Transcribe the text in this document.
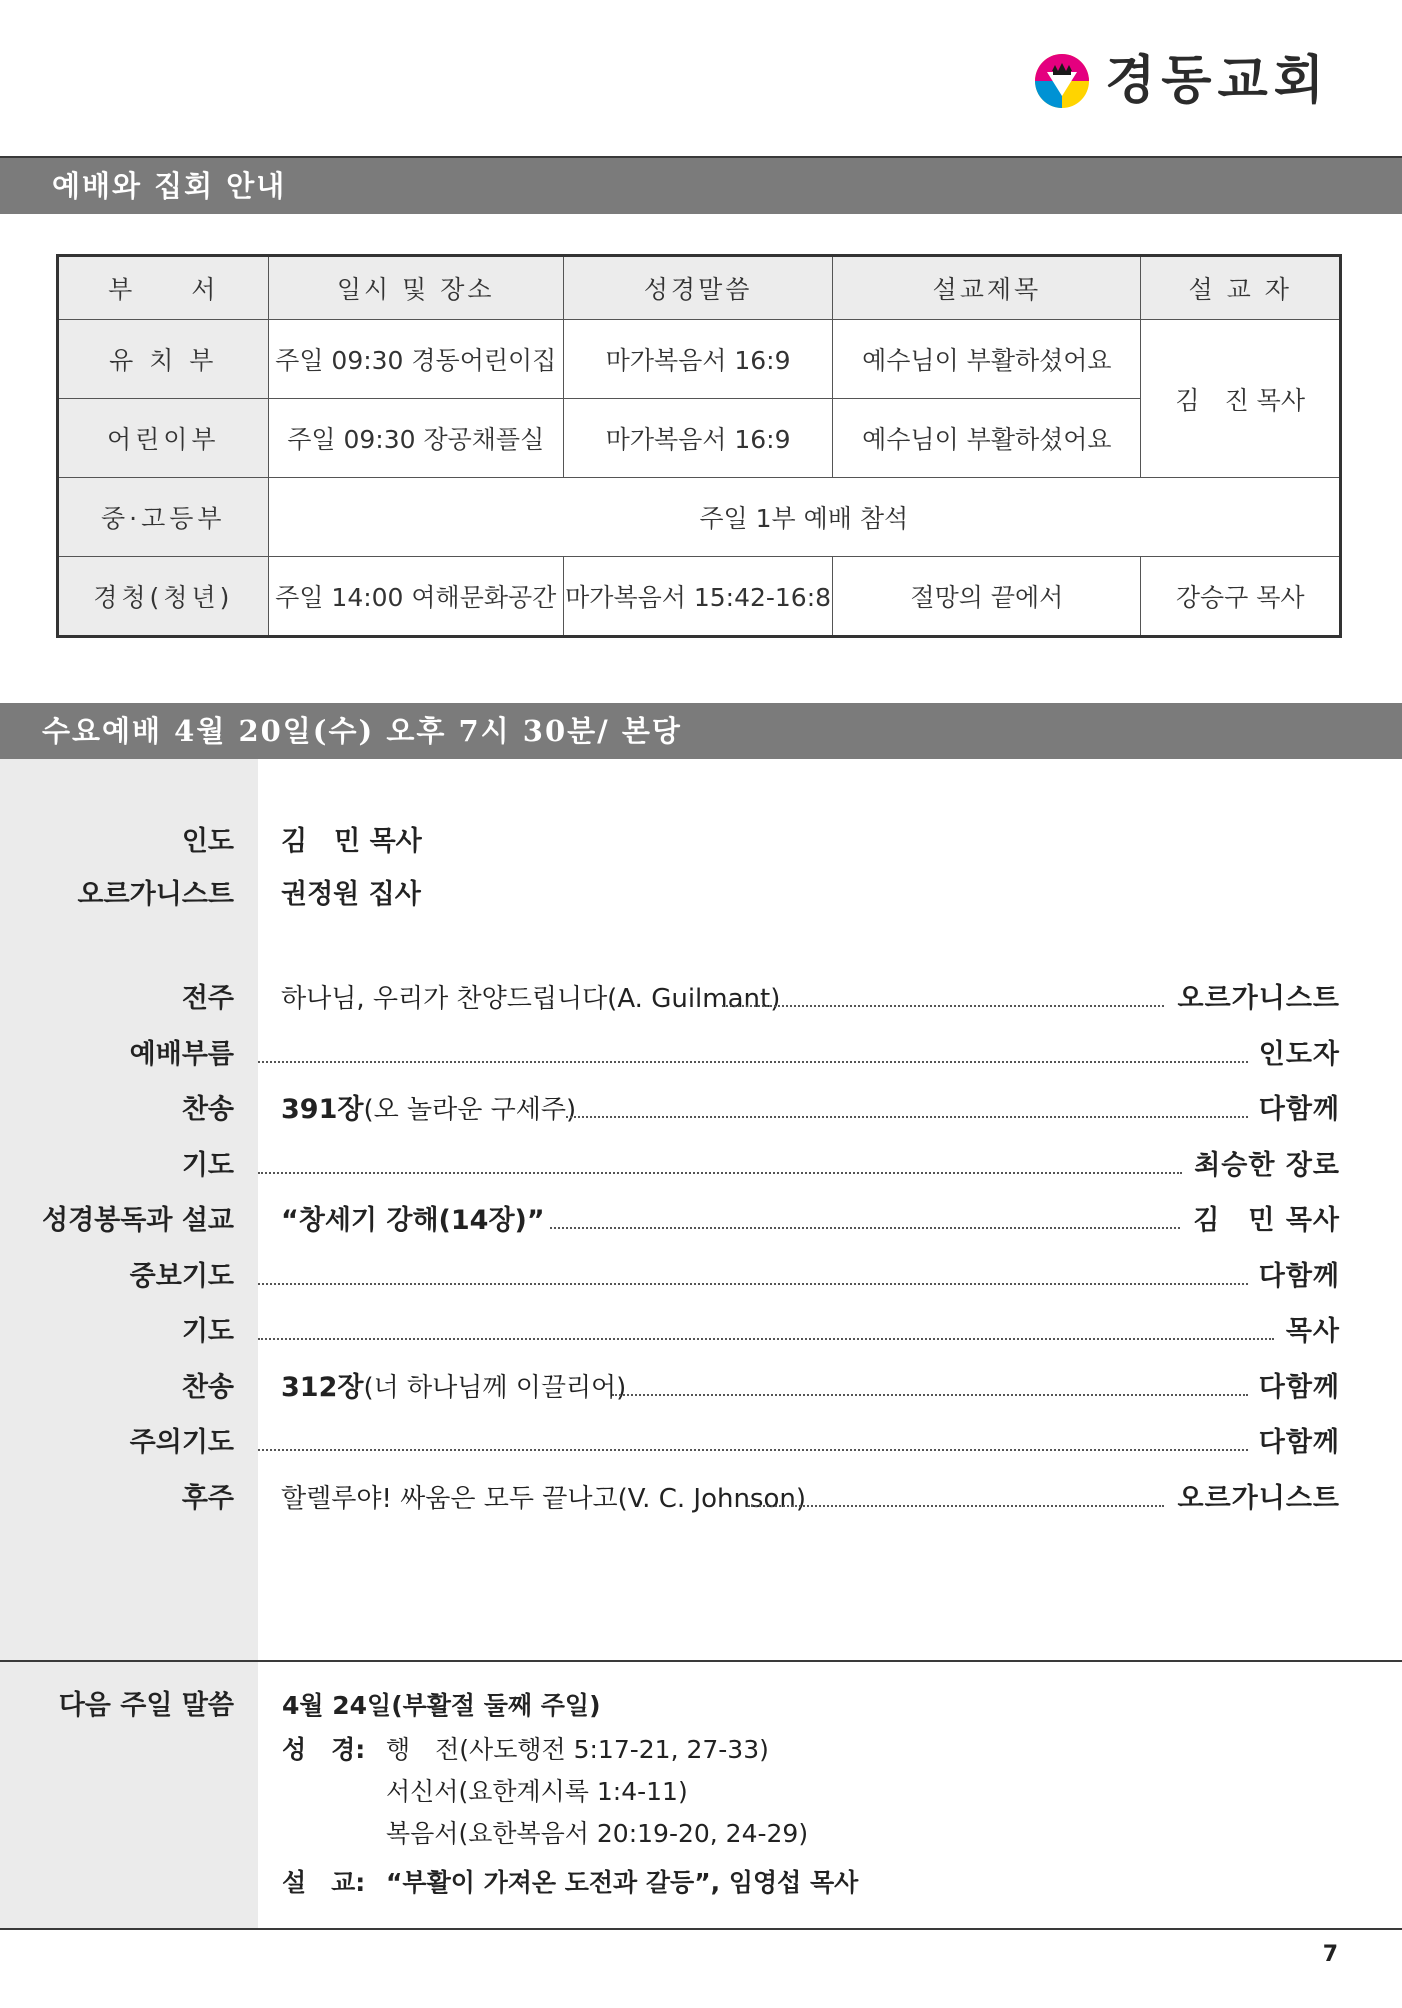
경동교회
예배와 집회 안내
부　　서	일시 및 장소	성경말씀	설교제목	설 교 자
유 치 부	주일 09:30 경동어린이집	마가복음서 16:9	예수님이 부활하셨어요	김　진 목사
어린이부	주일 09:30 장공채플실	마가복음서 16:9	예수님이 부활하셨어요	
중·고등부	주일 1부 예배 참석			
경청(청년)	주일 14:00 여해문화공간	마가복음서 15:42-16:8	절망의 끝에서	강승구 목사
수요예배 4월 20일(수) 오후 7시 30분/ 본당
인도 김　민 목사
오르가니스트 권정원 집사
전주 하나님, 우리가 찬양드립니다(A. Guilmant)	오르가니스트
예배부름	인도자
찬송 391장(오 놀라운 구세주)	다함께
기도	최승한 장로
성경봉독과 설교 “창세기 강해(14장)”	김　민 목사
중보기도	다함께
기도	목사
찬송 312장(너 하나님께 이끌리어)	다함께
주의기도	다함께
후주 할렐루야! 싸움은 모두 끝나고(V. C. Johnson)	오르가니스트
다음 주일 말씀 4월 24일(부활절 둘째 주일)
성　경: 행　전(사도행전 5:17-21, 27-33)
서신서(요한계시록 1:4-11)
복음서(요한복음서 20:19-20, 24-29)
설　교: “부활이 가져온 도전과 갈등”, 임영섭 목사
7
